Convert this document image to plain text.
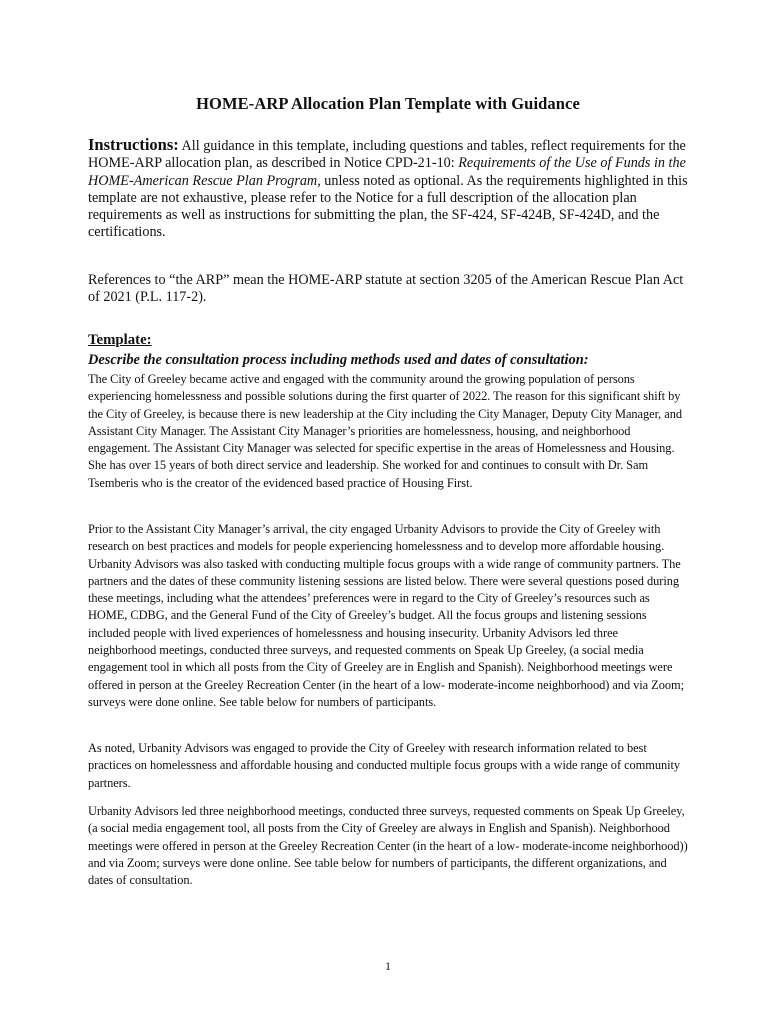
HOME-ARP Allocation Plan Template with Guidance
Instructions: All guidance in this template, including questions and tables, reflect requirements for the HOME-ARP allocation plan, as described in Notice CPD-21-10: Requirements of the Use of Funds in the HOME-American Rescue Plan Program, unless noted as optional. As the requirements highlighted in this template are not exhaustive, please refer to the Notice for a full description of the allocation plan requirements as well as instructions for submitting the plan, the SF-424, SF-424B, SF-424D, and the certifications.
References to “the ARP” mean the HOME-ARP statute at section 3205 of the American Rescue Plan Act of 2021 (P.L. 117-2).
Template:
Describe the consultation process including methods used and dates of consultation:
The City of Greeley became active and engaged with the community around the growing population of persons experiencing homelessness and possible solutions during the first quarter of 2022. The reason for this significant shift by the City of Greeley, is because there is new leadership at the City including the City Manager, Deputy City Manager, and Assistant City Manager. The Assistant City Manager’s priorities are homelessness, housing, and neighborhood engagement. The Assistant City Manager was selected for specific expertise in the areas of Homelessness and Housing. She has over 15 years of both direct service and leadership. She worked for and continues to consult with Dr. Sam Tsemberis who is the creator of the evidenced based practice of Housing First.
Prior to the Assistant City Manager’s arrival, the city engaged Urbanity Advisors to provide the City of Greeley with research on best practices and models for people experiencing homelessness and to develop more affordable housing. Urbanity Advisors was also tasked with conducting multiple focus groups with a wide range of community partners. The partners and the dates of these community listening sessions are listed below. There were several questions posed during these meetings, including what the attendees’ preferences were in regard to the City of Greeley’s resources such as HOME, CDBG, and the General Fund of the City of Greeley’s budget. All the focus groups and listening sessions included people with lived experiences of homelessness and housing insecurity. Urbanity Advisors led three neighborhood meetings, conducted three surveys, and requested comments on Speak Up Greeley, (a social media engagement tool in which all posts from the City of Greeley are in English and Spanish). Neighborhood meetings were offered in person at the Greeley Recreation Center (in the heart of a low- moderate-income neighborhood) and via Zoom; surveys were done online. See table below for numbers of participants.
As noted, Urbanity Advisors was engaged to provide the City of Greeley with research information related to best practices on homelessness and affordable housing and conducted multiple focus groups with a wide range of community partners.
Urbanity Advisors led three neighborhood meetings, conducted three surveys, requested comments on Speak Up Greeley, (a social media engagement tool, all posts from the City of Greeley are always in English and Spanish). Neighborhood meetings were offered in person at the Greeley Recreation Center (in the heart of a low- moderate-income neighborhood)) and via Zoom; surveys were done online. See table below for numbers of participants, the different organizations, and dates of consultation.
1
